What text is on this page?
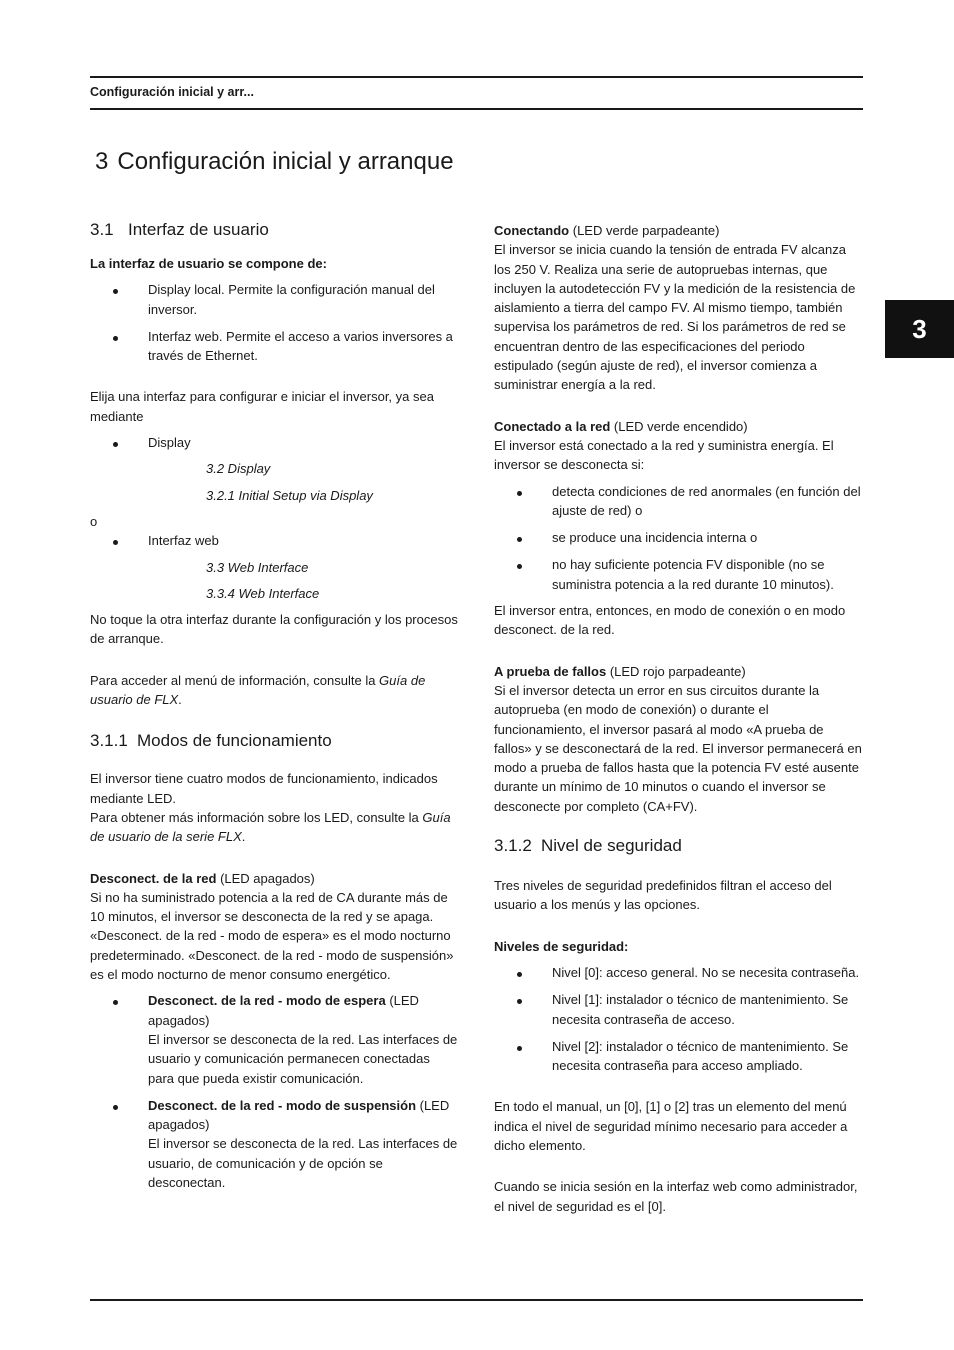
Configuración inicial y arr...
3 Configuración inicial y arranque
3
3.1 Interfaz de usuario

La interfaz de usuario se compone de:

Display local. Permite la configuración manual del inversor.
Interfaz web. Permite el acceso a varios inversores a través de Ethernet.

Elija una interfaz para configurar e iniciar el inversor, ya sea mediante

Display
3.2 Display
3.2.1 Initial Setup via Display

o

Interfaz web
3.3 Web Interface
3.3.4 Web Interface

No toque la otra interfaz durante la configuración y los procesos de arranque.

Para acceder al menú de información, consulte la Guía de usuario de FLX.

3.1.1 Modos de funcionamiento

El inversor tiene cuatro modos de funcionamiento, indicados mediante LED.

Para obtener más información sobre los LED, consulte la Guía de usuario de la serie FLX.

Desconect. de la red (LED apagados)

Si no ha suministrado potencia a la red de CA durante más de 10 minutos, el inversor se desconecta de la red y se apaga. «Desconect. de la red - modo de espera» es el modo nocturno predeterminado. «Desconect. de la red - modo de suspensión» es el modo nocturno de menor consumo energético.

Desconect. de la red - modo de espera (LED apagados)
El inversor se desconecta de la red. Las interfaces de usuario y comunicación permanecen conectadas para que pueda existir comunicación.
Desconect. de la red - modo de suspensión (LED apagados)
El inversor se desconecta de la red. Las interfaces de usuario, de comunicación y de opción se desconectan.

Conectando (LED verde parpadeante)

El inversor se inicia cuando la tensión de entrada FV alcanza los 250 V. Realiza una serie de autopruebas internas, que incluyen la autodetección FV y la medición de la resistencia de aislamiento a tierra del campo FV. Al mismo tiempo, también supervisa los parámetros de red. Si los parámetros de red se encuentran dentro de las especificaciones del periodo estipulado (según ajuste de red), el inversor comienza a suministrar energía a la red.

Conectado a la red (LED verde encendido)

El inversor está conectado a la red y suministra energía. El inversor se desconecta si:

detecta condiciones de red anormales (en función del ajuste de red) o
se produce una incidencia interna o
no hay suficiente potencia FV disponible (no se suministra potencia a la red durante 10 minutos).

El inversor entra, entonces, en modo de conexión o en modo desconect. de la red.

A prueba de fallos (LED rojo parpadeante)

Si el inversor detecta un error en sus circuitos durante la autoprueba (en modo de conexión) o durante el funcionamiento, el inversor pasará al modo «A prueba de fallos» y se desconectará de la red. El inversor permanecerá en modo a prueba de fallos hasta que la potencia FV esté ausente durante un mínimo de 10 minutos o cuando el inversor se desconecte por completo (CA+FV).

3.1.2 Nivel de seguridad

Tres niveles de seguridad predefinidos filtran el acceso del usuario a los menús y las opciones.

Niveles de seguridad:

Nivel [0]: acceso general. No se necesita contraseña.
Nivel [1]: instalador o técnico de mantenimiento. Se necesita contraseña de acceso.
Nivel [2]: instalador o técnico de mantenimiento. Se necesita contraseña para acceso ampliado.

En todo el manual, un [0], [1] o [2] tras un elemento del menú indica el nivel de seguridad mínimo necesario para acceder a dicho elemento.

Cuando se inicia sesión en la interfaz web como administrador, el nivel de seguridad es el [0].
